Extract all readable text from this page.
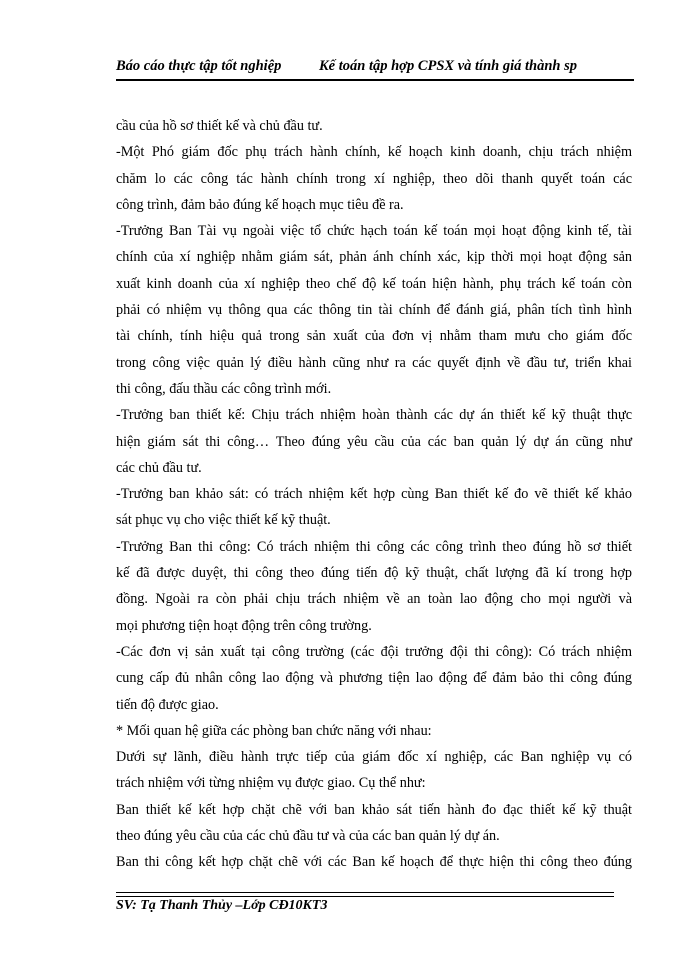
Báo cáo thực tập tốt nghiệp	Kế toán tập hợp CPSX và tính giá thành sp
cầu của hồ sơ thiết kế và chủ đầu tư.
-Một Phó giám đốc phụ trách hành chính, kế hoạch kinh doanh, chịu trách nhiệm
chăm lo các công tác hành chính trong xí nghiệp, theo dõi thanh quyết toán các
công trình, đảm bảo đúng kế hoạch mục tiêu đề ra.
-Trưởng Ban Tài vụ ngoài việc tổ chức hạch toán kế toán mọi hoạt động kinh tế, tài
chính của xí nghiệp nhằm giám sát, phản ánh chính xác, kịp thời mọi hoạt động sản
xuất kinh doanh của xí nghiệp theo chế độ kế toán hiện hành, phụ trách kế toán còn
phải có nhiệm vụ thông qua các thông tin tài chính để đánh giá, phân tích tình hình
tài chính, tính hiệu quả trong sản xuất của đơn vị nhằm tham mưu cho giám đốc
trong công việc quản lý điều hành cũng như ra các quyết định về đầu tư, triển khai
thi công, đấu thầu các công trình mới.
-Trưởng ban thiết kế: Chịu trách nhiệm hoàn thành các dự án thiết kế kỹ thuật thực
hiện giám sát thi công… Theo đúng yêu cầu của các ban quản lý dự án cũng như
các chủ đầu tư.
-Trưởng ban khảo sát: có trách nhiệm kết hợp cùng Ban thiết kế đo vẽ thiết kế khảo
sát phục vụ cho việc thiết kế kỹ thuật.
-Trưởng Ban thi công: Có trách nhiệm thi công các công trình theo đúng hồ sơ thiết
kế đã được duyệt, thi công theo đúng tiến độ kỹ thuật, chất lượng đã kí trong hợp
đồng. Ngoài ra còn phải chịu trách nhiệm về an toàn lao động cho mọi người và
mọi phương tiện hoạt động trên công trường.
-Các đơn vị sản xuất tại công trường (các đội trưởng đội thi công): Có trách nhiệm
cung cấp đủ nhân công lao động và phương tiện lao động để đảm bảo thi công đúng
tiến độ được giao.
* Mối quan hệ giữa các phòng ban chức năng với nhau:
Dưới sự lãnh, điều hành trực tiếp của giám đốc xí nghiệp, các Ban nghiệp vụ có
trách nhiệm với từng nhiệm vụ được giao. Cụ thể như:
Ban thiết kế kết hợp chặt chẽ với ban khảo sát tiến hành đo đạc thiết kế kỹ thuật
theo đúng yêu cầu của các chủ đầu tư và của các ban quản lý dự án.
Ban thi công kết hợp chặt chẽ với các Ban kế hoạch để thực hiện thi công theo đúng
SV: Tạ Thanh Thủy –Lớp CĐ10KT3
